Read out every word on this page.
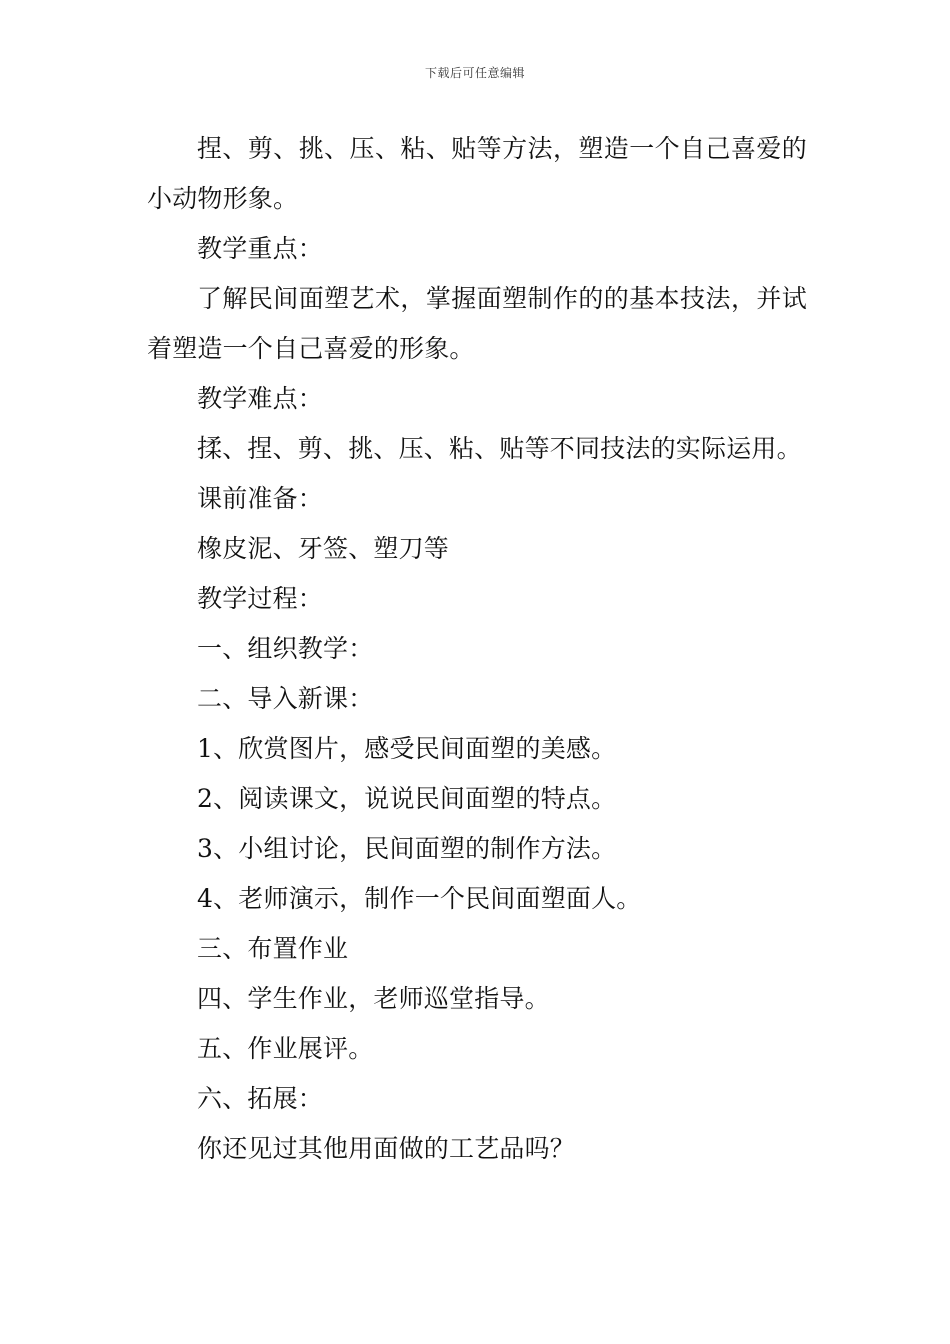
下载后可任意编辑

捏、剪、挑、压、粘、贴等方法，塑造一个自己喜爱的小动物形象。

教学重点：

了解民间面塑艺术，掌握面塑制作的的基本技法，并试着塑造一个自己喜爱的形象。

教学难点：

揉、捏、剪、挑、压、粘、贴等不同技法的实际运用。

课前准备：

橡皮泥、牙签、塑刀等

教学过程：

一、组织教学：

二、导入新课：

1、欣赏图片，感受民间面塑的美感。

2、阅读课文，说说民间面塑的特点。

3、小组讨论，民间面塑的制作方法。

4、老师演示，制作一个民间面塑面人。

三、布置作业

四、学生作业，老师巡堂指导。

五、作业展评。

六、拓展：

你还见过其他用面做的工艺品吗？
